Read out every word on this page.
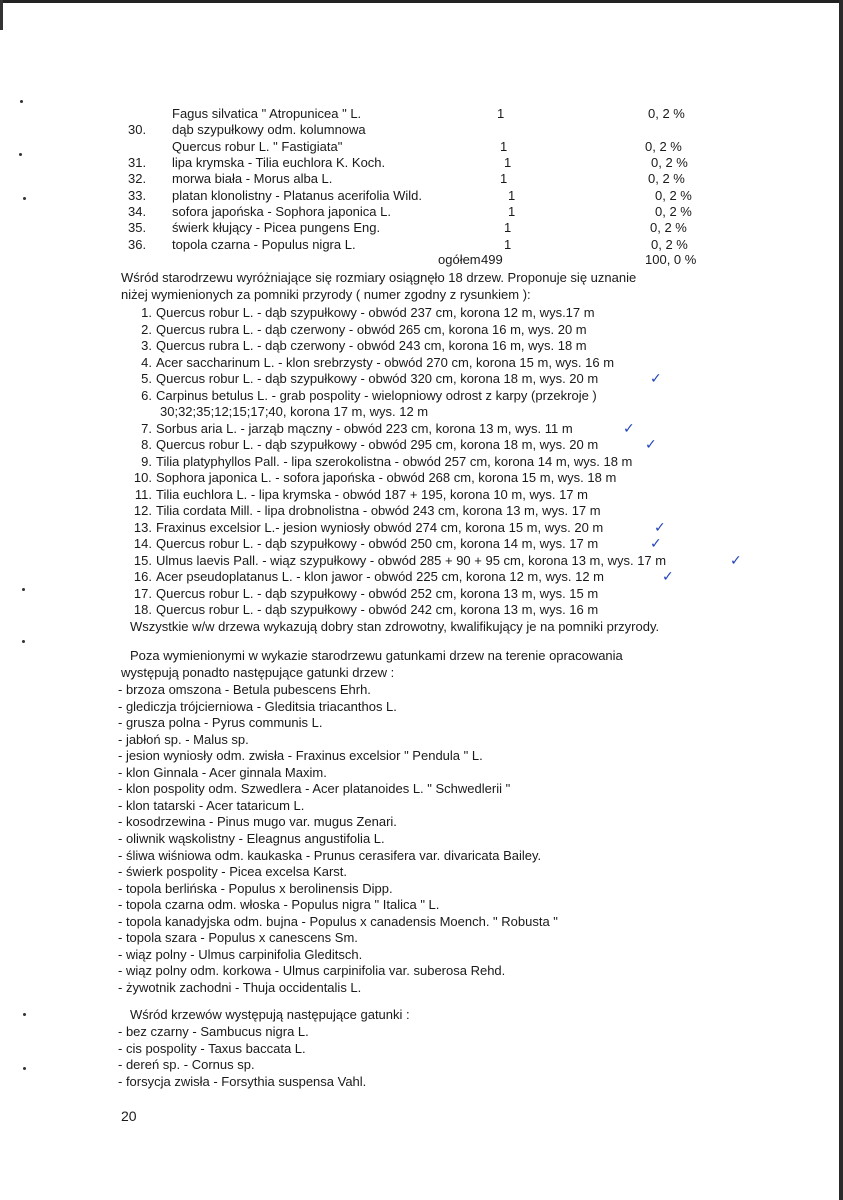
Fagus silvatica " Atropunicea " L.	1	0, 2 %
30. dąb szypułkowy odm. kolumnowa
Quercus robur L. " Fastigiata"	1	0, 2 %
31. lipa krymska - Tilia euchlora K. Koch.	1	0, 2 %
32. morwa biała - Morus alba L.	1	0, 2 %
33. platan klonolistny - Platanus acerifolia Wild.	1	0, 2 %
34. sofora japońska - Sophora japonica L.	1	0, 2 %
35. świerk kłujący - Picea pungens Eng.	1	0, 2 %
36. topola czarna - Populus nigra L.	1	0, 2 %
ogółem 499	100, 0 %
Wśród starodrzewu wyróżniające się rozmiary osiągnęło 18 drzew. Proponuje się uznanie
niżej wymienionych za pomniki przyrody ( numer zgodny z rysunkiem ):
1. Quercus robur L. - dąb szypułkowy - obwód 237 cm, korona 12 m, wys.17 m
2. Quercus rubra L. - dąb czerwony - obwód 265 cm, korona 16 m, wys. 20 m
3. Quercus rubra L. - dąb czerwony - obwód 243 cm, korona 16 m, wys. 18 m
4. Acer saccharinum L. - klon srebrzysty - obwód 270 cm, korona 15 m, wys. 16 m
5. Quercus robur L. - dąb szypułkowy - obwód 320 cm, korona 18 m, wys. 20 m	✓
6. Carpinus betulus L. - grab pospolity - wielopniowy odrost z karpy (przekroje )
30;32;35;12;15;17;40, korona 17 m, wys. 12 m
7. Sorbus aria L. - jarząb mączny - obwód 223 cm, korona 13 m, wys. 11 m	✓
8. Quercus robur L. - dąb szypułkowy - obwód 295 cm, korona 18 m, wys. 20 m	✓
9. Tilia platyphyllos Pall. - lipa szerokolistna - obwód 257 cm, korona 14 m, wys. 18 m
10. Sophora japonica L. - sofora japońska - obwód 268 cm, korona 15 m, wys. 18 m
11. Tilia euchlora L. - lipa krymska - obwód 187 + 195, korona 10 m, wys. 17 m
12. Tilia cordata Mill. - lipa drobnolistna - obwód 243 cm, korona 13 m, wys. 17 m
13. Fraxinus excelsior L.- jesion wyniosły obwód 274 cm, korona 15 m, wys. 20 m	✓
14. Quercus robur L. - dąb szypułkowy - obwód 250 cm, korona 14 m, wys. 17 m	✓
15. Ulmus laevis Pall. - wiąz szypułkowy - obwód 285 + 90 + 95 cm, korona 13 m, wys. 17 m	✓
16. Acer pseudoplatanus L. - klon jawor - obwód 225 cm, korona 12 m, wys. 12 m	✓
17. Quercus robur L. - dąb szypułkowy - obwód 252 cm, korona 13 m, wys. 15 m
18. Quercus robur L. - dąb szypułkowy - obwód 242 cm, korona 13 m, wys. 16 m
Wszystkie w/w drzewa wykazują dobry stan zdrowotny, kwalifikujący je na pomniki przyrody.
Poza wymienionymi w wykazie starodrzewu gatunkami drzew na terenie opracowania
występują ponadto następujące gatunki drzew :
- brzoza omszona - Betula pubescens Ehrh.
- glediczja trójcierniowa - Gleditsia triacanthos L.
- grusza polna - Pyrus communis L.
- jabłoń sp. - Malus sp.
- jesion wyniosły odm. zwisła - Fraxinus excelsior " Pendula " L.
- klon Ginnala - Acer ginnala Maxim.
- klon pospolity odm. Szwedlera - Acer platanoides L. " Schwedlerii "
- klon tatarski - Acer tataricum L.
- kosodrzewina - Pinus mugo var. mugus Zenari.
- oliwnik wąskolistny - Eleagnus angustifolia L.
- śliwa wiśniowa odm. kaukaska - Prunus cerasifera var. divaricata Bailey.
- świerk pospolity - Picea excelsa Karst.
- topola berlińska - Populus x berolinensis Dipp.
- topola czarna odm. włoska - Populus nigra " Italica " L.
- topola kanadyjska odm. bujna - Populus x canadensis Moench. " Robusta "
- topola szara - Populus x canescens Sm.
- wiąz polny - Ulmus carpinifolia Gleditsch.
- wiąz polny odm. korkowa - Ulmus carpinifolia var. suberosa Rehd.
- żywotnik zachodni - Thuja occidentalis L.
Wśród krzewów występują następujące gatunki :
- bez czarny - Sambucus nigra L.
- cis pospolity - Taxus baccata L.
- dereń sp. - Cornus sp.
- forsycja zwisła - Forsythia suspensa Vahl.
20
